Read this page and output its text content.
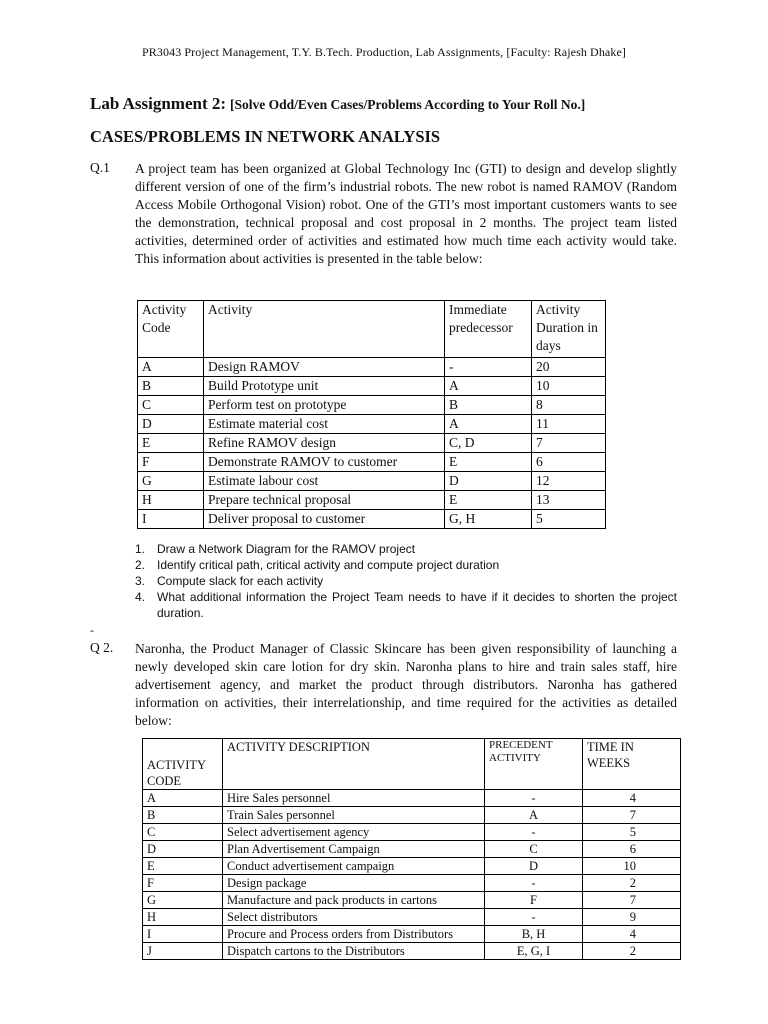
PR3043 Project Management, T.Y. B.Tech. Production, Lab Assignments, [Faculty: Rajesh Dhake]
Lab Assignment 2: [Solve Odd/Even Cases/Problems According to Your Roll No.]
CASES/PROBLEMS IN NETWORK ANALYSIS
Q.1 A project team has been organized at Global Technology Inc (GTI) to design and develop slightly different version of one of the firm’s industrial robots. The new robot is named RAMOV (Random Access Mobile Orthogonal Vision) robot. One of the GTI’s most important customers wants to see the demonstration, technical proposal and cost proposal in 2 months. The project team listed activities, determined order of activities and estimated how much time each activity would take. This information about activities is presented in the table below:
Activity Code	Activity	Immediate predecessor	Activity Duration in days
A	Design RAMOV	-	20
B	Build Prototype unit	A	10
C	Perform test on prototype	B	8
D	Estimate material cost	A	11
E	Refine RAMOV design	C, D	7
F	Demonstrate RAMOV to customer	E	6
G	Estimate labour cost	D	12
H	Prepare technical proposal	E	13
I	Deliver proposal to customer	G, H	5
1. Draw a Network Diagram for the RAMOV project
2. Identify critical path, critical activity and compute project duration
3. Compute slack for each activity
4. What additional information the Project Team needs to have if it decides to shorten the project duration.
-
Q 2. Naronha, the Product Manager of Classic Skincare has been given responsibility of launching a newly developed skin care lotion for dry skin. Naronha plans to hire and train sales staff, hire advertisement agency, and market the product through distributors. Naronha has gathered information on activities, their interrelationship, and time required for the activities as detailed below:
ACTIVITY CODE	ACTIVITY DESCRIPTION	PRECEDENT ACTIVITY	TIME IN WEEKS
A	Hire Sales personnel	-	4
B	Train Sales personnel	A	7
C	Select advertisement agency	-	5
D	Plan Advertisement Campaign	C	6
E	Conduct advertisement campaign	D	10
F	Design package	-	2
G	Manufacture and pack products in cartons	F	7
H	Select distributors	-	9
I	Procure and Process orders from Distributors	B, H	4
J	Dispatch cartons to the Distributors	E, G, I	2
